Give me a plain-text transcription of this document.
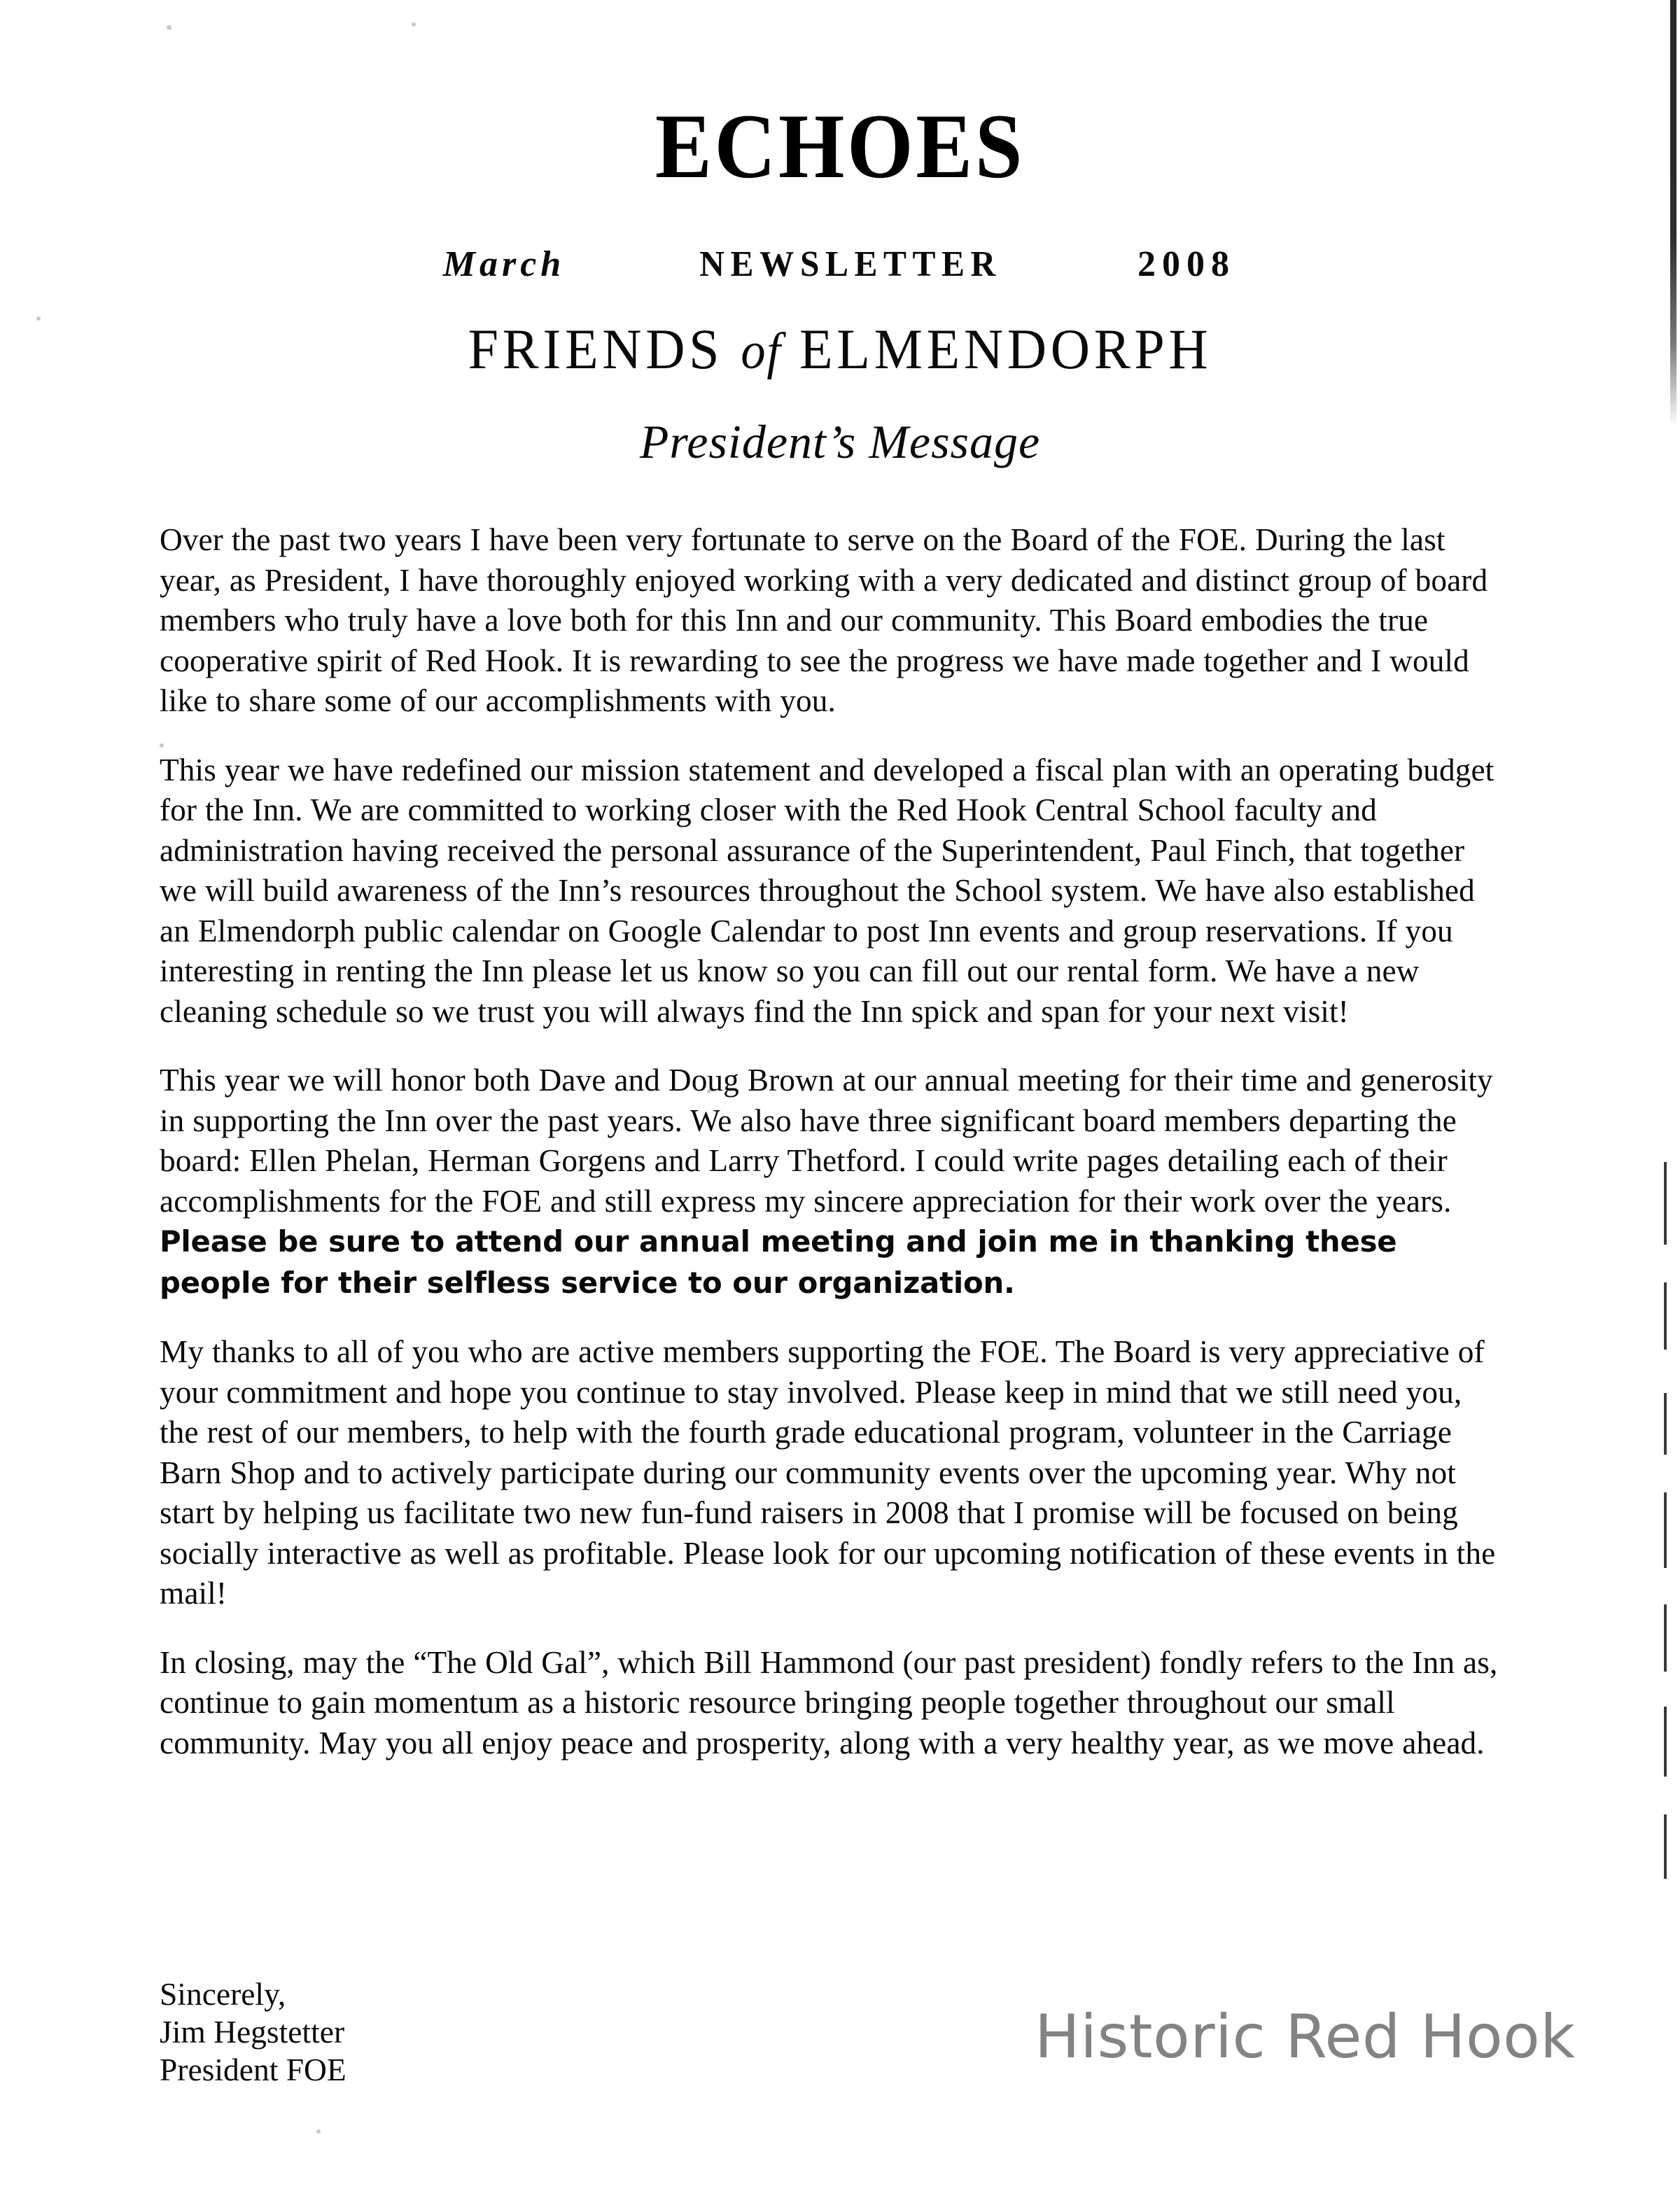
echoes
March	NEWSLETTER	2008
FRIENDS of ELMENDORPH
President’s Message

Over the past two years I have been very fortunate to serve on the Board of the FOE. During the last year, as President, I have thoroughly enjoyed working with a very dedicated and distinct group of board members who truly have a love both for this Inn and our community. This Board embodies the true cooperative spirit of Red Hook. It is rewarding to see the progress we have made together and I would like to share some of our accomplishments with you.

This year we have redefined our mission statement and developed a fiscal plan with an operating budget for the Inn. We are committed to working closer with the Red Hook Central School faculty and administration having received the personal assurance of the Superintendent, Paul Finch, that together we will build awareness of the Inn’s resources throughout the School system. We have also established an Elmendorph public calendar on Google Calendar to post Inn events and group reservations. If you interesting in renting the Inn please let us know so you can fill out our rental form. We have a new cleaning schedule so we trust you will always find the Inn spick and span for your next visit!

This year we will honor both Dave and Doug Brown at our annual meeting for their time and generosity in supporting the Inn over the past years. We also have three significant board members departing the board: Ellen Phelan, Herman Gorgens and Larry Thetford. I could write pages detailing each of their accomplishments for the FOE and still express my sincere appreciation for their work over the years. Please be sure to attend our annual meeting and join me in thanking these people for their selfless service to our organization.

My thanks to all of you who are active members supporting the FOE. The Board is very appreciative of your commitment and hope you continue to stay involved. Please keep in mind that we still need you, the rest of our members, to help with the fourth grade educational program, volunteer in the Carriage Barn Shop and to actively participate during our community events over the upcoming year. Why not start by helping us facilitate two new fun-fund raisers in 2008 that I promise will be focused on being socially interactive as well as profitable. Please look for our upcoming notification of these events in the mail!

In closing, may the “The Old Gal”, which Bill Hammond (our past president) fondly refers to the Inn as, continue to gain momentum as a historic resource bringing people together throughout our small community. May you all enjoy peace and prosperity, along with a very healthy year, as we move ahead.

Sincerely,
Jim Hegstetter
President FOE	Historic Red Hook
